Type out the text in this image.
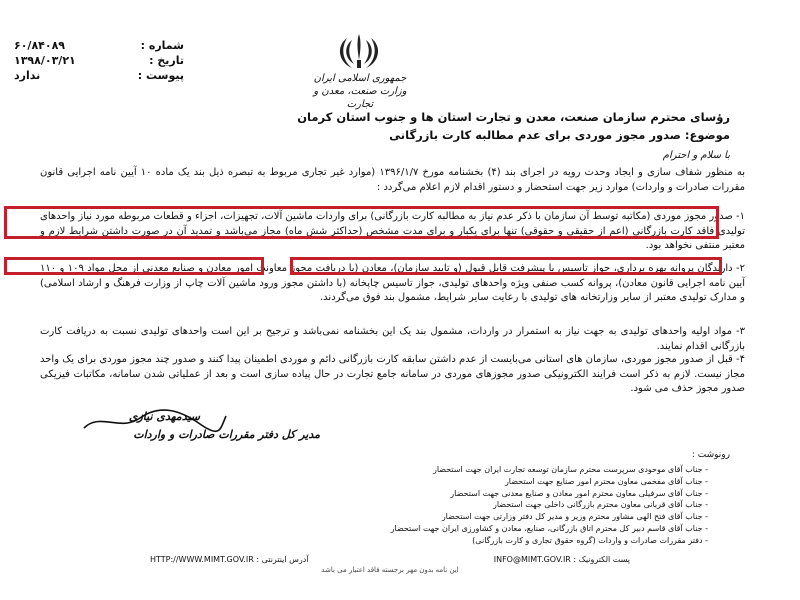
شماره :
۶۰/۸۴۰۸۹
تاریخ :
۱۳۹۸/۰۳/۲۱
پیوست :
ندارد	جمهوری اسلامی ایران
وزارت صنعت، معدن و تجارت
رؤسای محترم سازمان صنعت، معدن و تجارت استان ها و جنوب استان کرمان
موضوع: صدور مجوز موردی برای عدم مطالبه کارت بازرگانی
با سلام و احترام

به منظور شفاف سازی و ایجاد وحدت رویه در اجرای بند (۴) بخشنامه مورخ ۱۳۹۶/۱/۷ (موارد غیر تجاری مربوط به تبصره ذیل بند یک ماده ۱۰ آیین نامه اجرایی قانون مقررات صادرات و واردات) موارد زیر جهت استحضار و دستور اقدام لازم اعلام می‌گردد :

۱- صدور مجوز موردی (مکاتبه توسط آن سازمان با ذکر عدم نیاز به مطالبه کارت بازرگانی) برای واردات ماشین آلات، تجهیزات، اجزاء و قطعات مربوطه مورد نیاز واحدهای تولیدی فاقد کارت بازرگانی (اعم از حقیقی و حقوقی) تنها برای یکبار و برای مدت مشخص (حداکثر شش ماه) مجاز می‌باشد و تمدید آن در صورت داشتن شرایط لازم و معتبر منتفی نخواهد بود.

۲- دارندگان پروانه بهره برداری، جواز تاسیس با پیشرفت قابل قبول (و تایید سازمان)، معادن (با دریافت مجوز معاونت امور معادن و صنایع معدنی از محل مواد ۱۰۹ و ۱۱۰ آیین نامه اجرایی قانون معادن)، پروانه کسب صنفی ویژه واحدهای تولیدی، جواز تاسیس چاپخانه (با داشتن مجوز ورود ماشین آلات چاپ از وزارت فرهنگ و ارشاد اسلامی) و مدارک تولیدی معتبر از سایر وزارتخانه های تولیدی با رعایت سایر شرایط، مشمول بند فوق می‌گردند.

۳- مواد اولیه واحدهای تولیدی به جهت نیاز به استمرار در واردات، مشمول بند یک این بخشنامه نمی‌باشد و ترجیح بر این است واحدهای تولیدی نسبت به دریافت کارت بازرگانی اقدام نمایند.

۴- قبل از صدور مجوز موردی، سازمان های استانی می‌بایست از عدم داشتن سابقه کارت بازرگانی دائم و موردی اطمینان پیدا کنند و صدور چند مجوز موردی برای یک واحد مجاز نیست. لازم به ذکر است فرایند الکترونیکی صدور مجوزهای موردی در سامانه جامع تجارت در حال پیاده سازی است و بعد از عملیاتی شدن سامانه، مکاتبات فیزیکی صدور مجوز حذف می شود.

سیدمهدی نیازی
مدیر کل دفتر مقررات صادرات و واردات
رونوشت :
- جناب آقای موحودی سرپرست محترم سازمان توسعه تجارت ایران جهت استحضار
- جناب آقای مفخمی معاون محترم امور صنایع جهت استحضار
- جناب آقای سرفیلی معاون محترم امور معادن و صنایع معدنی جهت استحضار
- جناب آقای قربانی معاون محترم بازرگانی داخلی جهت استحضار
- جناب آقای فتح الهی مشاور محترم وزیر و مدیر کل دفتر وزارتی جهت استحضار
- جناب آقای قاسم دبیر کل محترم اتاق بازرگانی، صنایع، معادن و کشاورزی ایران جهت استحضار
- دفتر مقررات صادرات و واردات (گروه حقوق تجاری و کارت بازرگانی)
آدرس اینترنتی : HTTP://WWW.MIMT.GOV.IR	پست الکترونیک : INFO@MIMT.GOV.IR
این نامه بدون مهر برجسته فاقد اعتبار می باشد
